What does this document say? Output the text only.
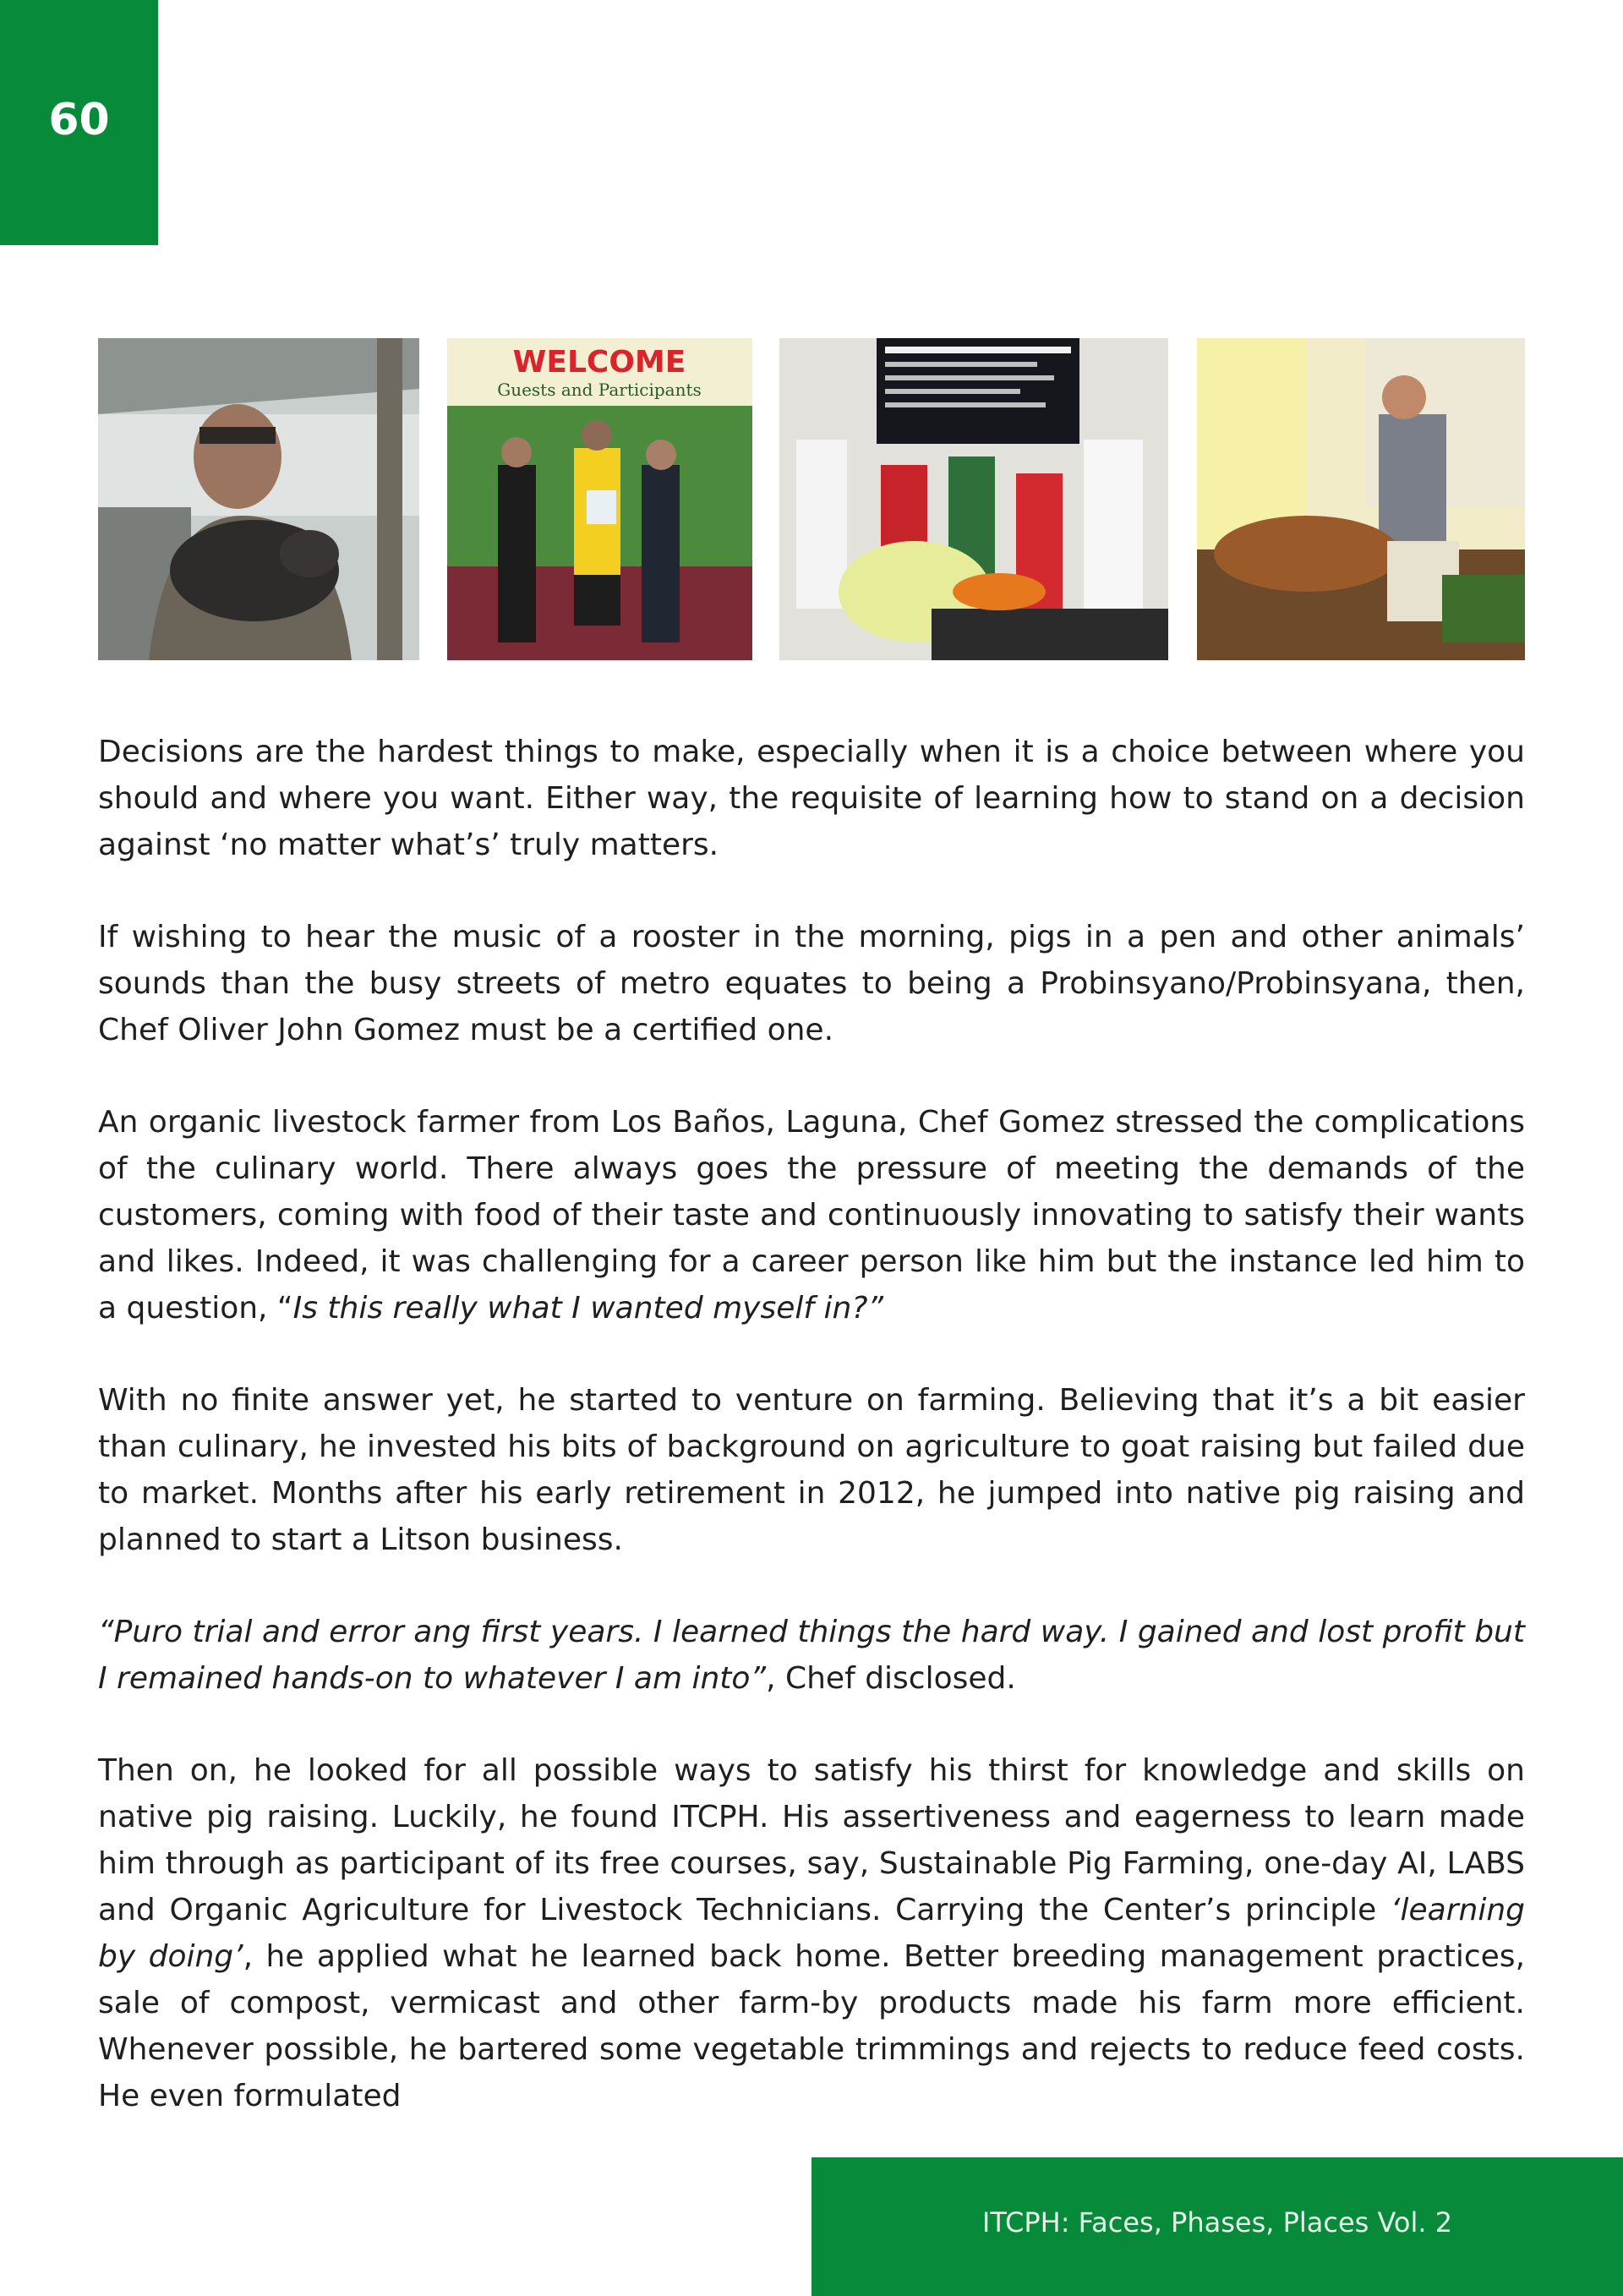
60
WELCOME
Guests and Participants

Decisions are the hardest things to make, especially when it is a choice between where you should and where you want. Either way, the requisite of learning how to stand on a decision against ‘no matter what’s’ truly matters.

If wishing to hear the music of a rooster in the morning, pigs in a pen and other animals’ sounds than the busy streets of metro equates to being a Probinsyano/Probinsyana, then, Chef Oliver John Gomez must be a certified one.

An organic livestock farmer from Los Baños, Laguna, Chef Gomez stressed the complications of the culinary world. There always goes the pressure of meeting the demands of the customers, coming with food of their taste and continuously innovating to satisfy their wants and likes. Indeed, it was challenging for a career person like him but the instance led him to a question, “Is this really what I wanted myself in?”

With no finite answer yet, he started to venture on farming. Believing that it’s a bit easier than culinary, he invested his bits of background on agriculture to goat raising but failed due to market. Months after his early retirement in 2012, he jumped into native pig raising and planned to start a Litson business.

“Puro trial and error ang first years. I learned things the hard way. I gained and lost profit but I remained hands-on to whatever I am into”, Chef disclosed.

Then on, he looked for all possible ways to satisfy his thirst for knowledge and skills on native pig raising. Luckily, he found ITCPH. His assertiveness and eagerness to learn made him through as participant of its free courses, say, Sustainable Pig Farming, one-day AI, LABS and Organic Agriculture for Livestock Technicians. Carrying the Center’s principle ‘learning by doing’, he applied what he learned back home. Better breeding management practices, sale of compost, vermicast and other farm-by products made his farm more efficient. Whenever possible, he bartered some vegetable trimmings and rejects to reduce feed costs. He even formulated

ITCPH: Faces, Phases, Places Vol. 2
